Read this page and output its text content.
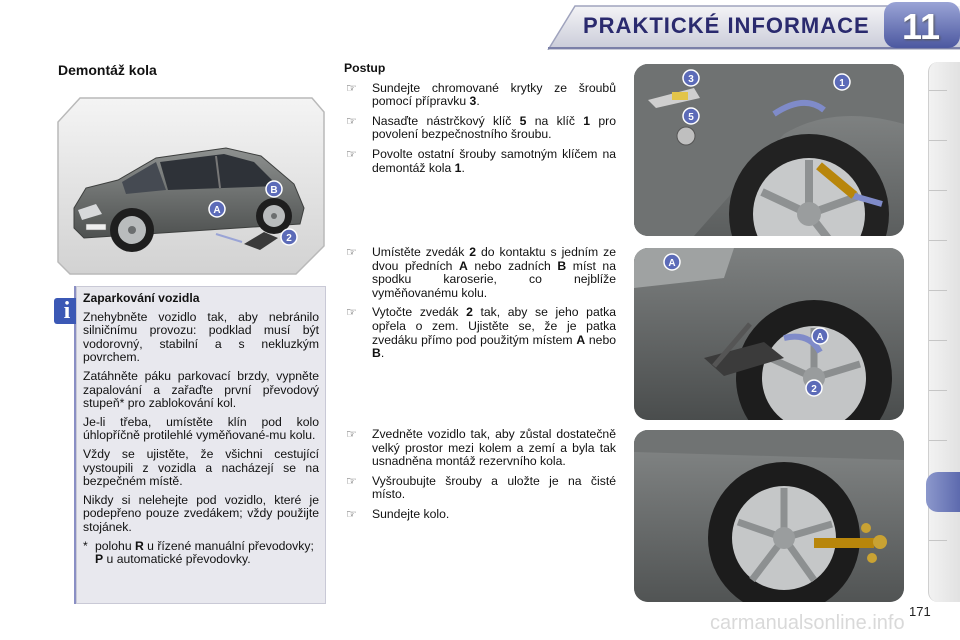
PRAKTICKÉ INFORMACE 11
Demontáž kola
A
B
2
i	Zaparkování vozidla

Znehybněte vozidlo tak, aby nebránilo silničnímu provozu: podklad musí být vodorovný, stabilní a s nekluzkým povrchem.

Zatáhněte páku parkovací brzdy, vypněte zapalování a zařaďte první převodový stupeň* pro zablokování kol.

Je-li třeba, umístěte klín pod kolo úhlopříčně protilehlé vyměňované-mu kolu.

Vždy se ujistěte, že všichni cestující vystoupili z vozidla a nacházejí se na bezpečném místě.

Nikdy si nelehejte pod vozidlo, které je podepřeno pouze zvedákem; vždy použijte stojánek.

* polohu R u řízené manuální převodovky; P u automatické převodovky.
Postup
☞	Sundejte chromované krytky ze šroubů pomocí přípravku 3.
☞	Nasaďte nástrčkový klíč 5 na klíč 1 pro povolení bezpečnostního šroubu.
☞	Povolte ostatní šrouby samotným klíčem na demontáž kola 1.
☞	Umístěte zvedák 2 do kontaktu s jedním ze dvou předních A nebo zadních B míst na spodku karoserie, co nejblíže vyměňovanému kolu.
☞	Vytočte zvedák 2 tak, aby se jeho patka opřela o zem. Ujistěte se, že je patka zvedáku přímo pod použitým místem A nebo B.
☞	Zvedněte vozidlo tak, aby zůstal dostatečně velký prostor mezi kolem a zemí a byla tak usnadněna montáž rezervního kola.
☞	Vyšroubujte šrouby a uložte je na čisté místo.
☞	Sundejte kolo.
3
5
1
A
A
2
carmanualsonline.info
171
